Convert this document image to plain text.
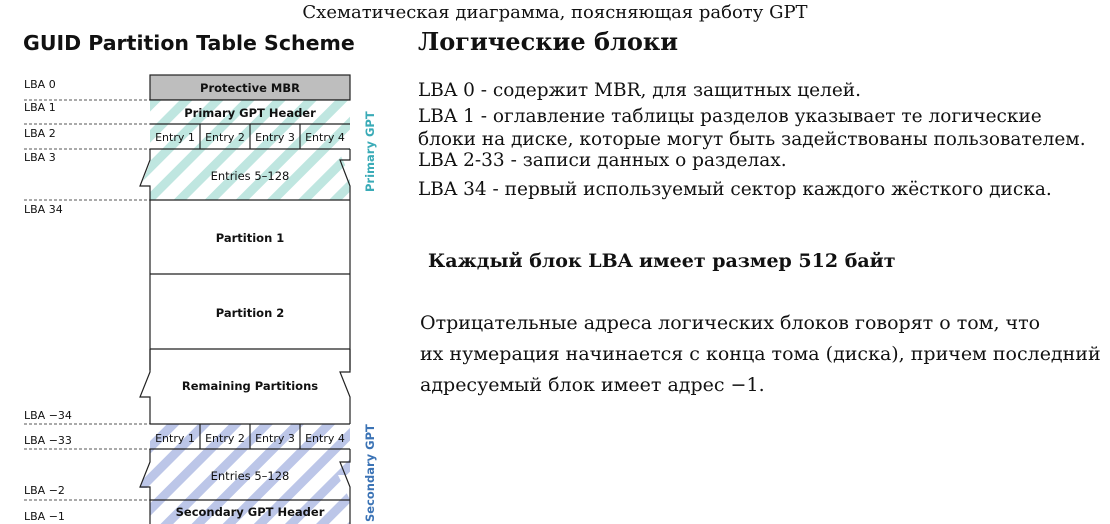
Схематическая диаграмма, поясняющая работу GPT
GUID Partition Table Scheme
LBA 0
LBA 1
LBA 2
LBA 3
LBA 34
LBA −34
LBA −33
LBA −2
LBA −1
Protective MBR
Primary GPT Header
Entry 1 Entry 2 Entry 3 Entry 4
Entries 5–128
Partition 1
Partition 2
Remaining Partitions
Entry 1 Entry 2 Entry 3 Entry 4
Entries 5–128
Secondary GPT Header
Primary GPT
Secondary GPT
Логические блоки
LBA 0 - содержит MBR, для защитных целей.
LBA 1 - оглавление таблицы разделов указывает те логические
блоки на диске, которые могут быть задействованы пользователем.
LBA 2-33 - записи данных о разделах.
LBA 34 - первый используемый сектор каждого жёсткого диска.
Каждый блок LBA имеет размер 512 байт
Отрицательные адреса логических блоков говорят о том, что
их нумерация начинается с конца тома (диска), причем последний
адресуемый блок имеет адрес −1.
